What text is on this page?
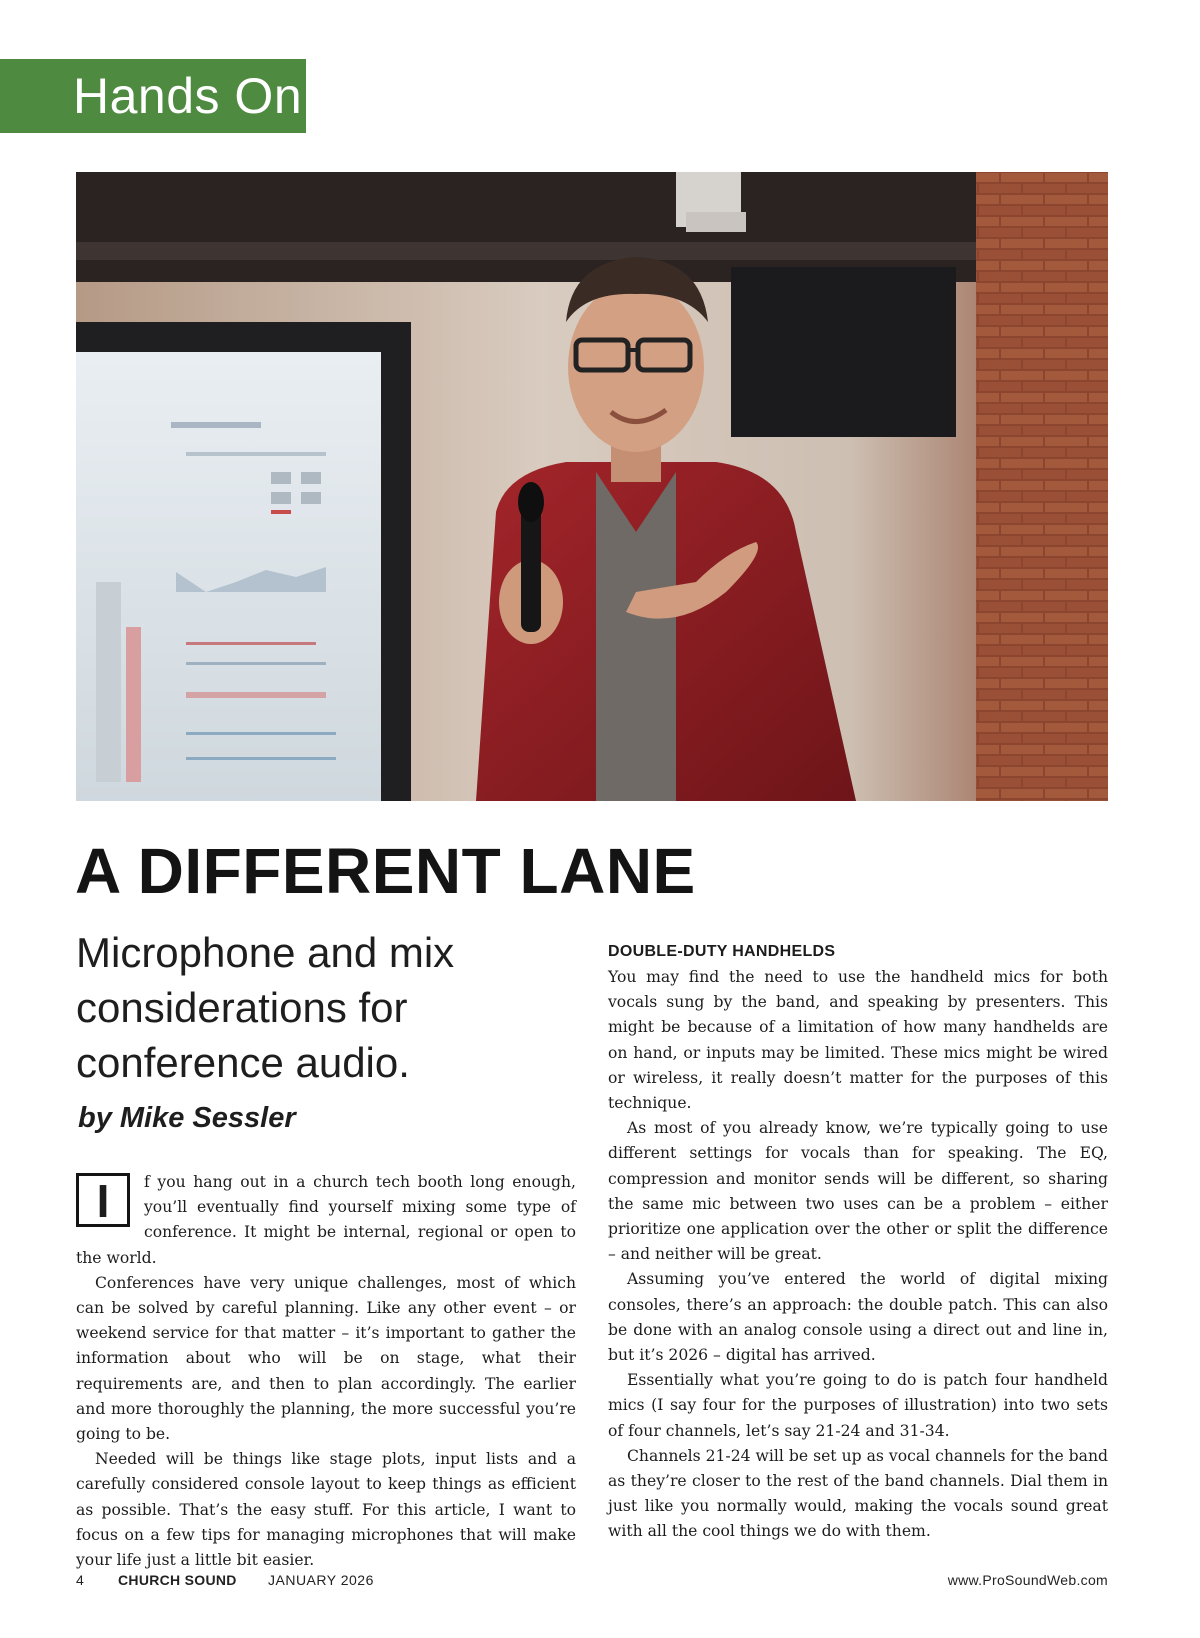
Hands On
A DIFFERENT LANE
Microphone and mix considerations for conference audio.

by Mike Sessler

I	f you hang out in a church tech booth long enough, you’ll eventually find yourself mixing some type of conference. It might be internal, regional or open to the world.

Conferences have very unique challenges, most of which can be solved by careful planning. Like any other event – or weekend service for that matter – it’s important to gather the information about who will be on stage, what their requirements are, and then to plan accordingly. The earlier and more thoroughly the planning, the more successful you’re going to be.

Needed will be things like stage plots, input lists and a carefully considered console layout to keep things as efficient as possible. That’s the easy stuff. For this article, I want to focus on a few tips for managing microphones that will make your life just a little bit easier.

DOUBLE-DUTY HANDHELDS

You may find the need to use the handheld mics for both vocals sung by the band, and speaking by presenters. This might be because of a limitation of how many handhelds are on hand, or inputs may be limited. These mics might be wired or wireless, it really doesn’t matter for the purposes of this technique.

As most of you already know, we’re typically going to use different settings for vocals than for speaking. The EQ, compression and monitor sends will be different, so sharing the same mic between two uses can be a problem – either prioritize one application over the other or split the difference – and neither will be great.

Assuming you’ve entered the world of digital mixing consoles, there’s an approach: the double patch. This can also be done with an analog console using a direct out and line in, but it’s 2026 – digital has arrived.

Essentially what you’re going to do is patch four handheld mics (I say four for the purposes of illustration) into two sets of four channels, let’s say 21-24 and 31-34.

Channels 21-24 will be set up as vocal channels for the band as they’re closer to the rest of the band channels. Dial them in just like you normally would, making the vocals sound great with all the cool things we do with them.

4 CHURCH SOUND JANUARY 2026	www.ProSoundWeb.com
